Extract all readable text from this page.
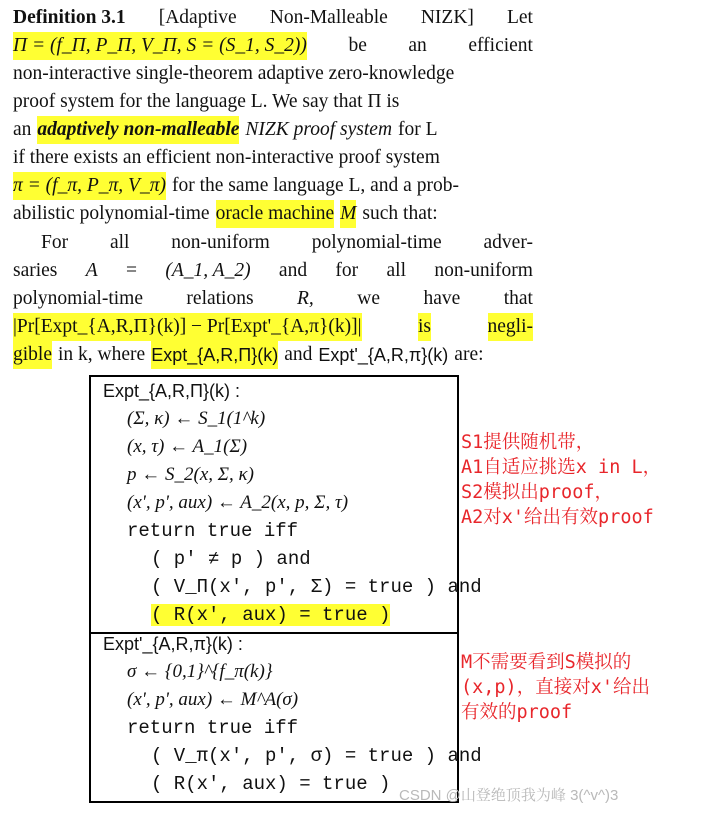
Definition 3.1 [Adaptive Non-Malleable NIZK] Let
Π = (f_Π, P_Π, V_Π, S = (S_1, S_2)) be an efficient
non-interactive single-theorem adaptive zero-knowledge
proof system for the language L. We say that Π is
an adaptively non-malleable NIZK proof system for L
if there exists an efficient non-interactive proof system
π = (f_π, P_π, V_π) for the same language L, and a prob-
abilistic polynomial-time oracle machine M such that:
For all non-uniform polynomial-time adver-
saries A = (A_1, A_2) and for all non-uniform
polynomial-time relations R, we have that
|Pr[Expt_{A,R,Π}(k)] − Pr[Expt'_{A,π}(k)]|	is	negli-
gible in k, where Expt_{A,R,Π}(k) and Expt'_{A,R,π}(k) are:
Expt_{A,R,Π}(k) :
(Σ, κ) ← S_1(1^k)
(x, τ) ← A_1(Σ)
p ← S_2(x, Σ, κ)
(x', p', aux) ← A_2(x, p, Σ, τ)
return true iff
( p' ≠ p ) and
( V_Π(x', p', Σ) = true ) and
( R(x', aux) = true )
Expt'_{A,R,π}(k) :
σ ← {0,1}^{f_π(k)}
(x', p', aux) ← M^A(σ)
return true iff
( V_π(x', p', σ) = true ) and
( R(x', aux) = true )
S1提供随机带，
A1自适应挑选x in L，
S2模拟出proof，
A2对x'给出有效proof
M不需要看到S模拟的
(x,p)，直接对x'给出
有效的proof
CSDN @山登绝顶我为峰 3(^v^)3
